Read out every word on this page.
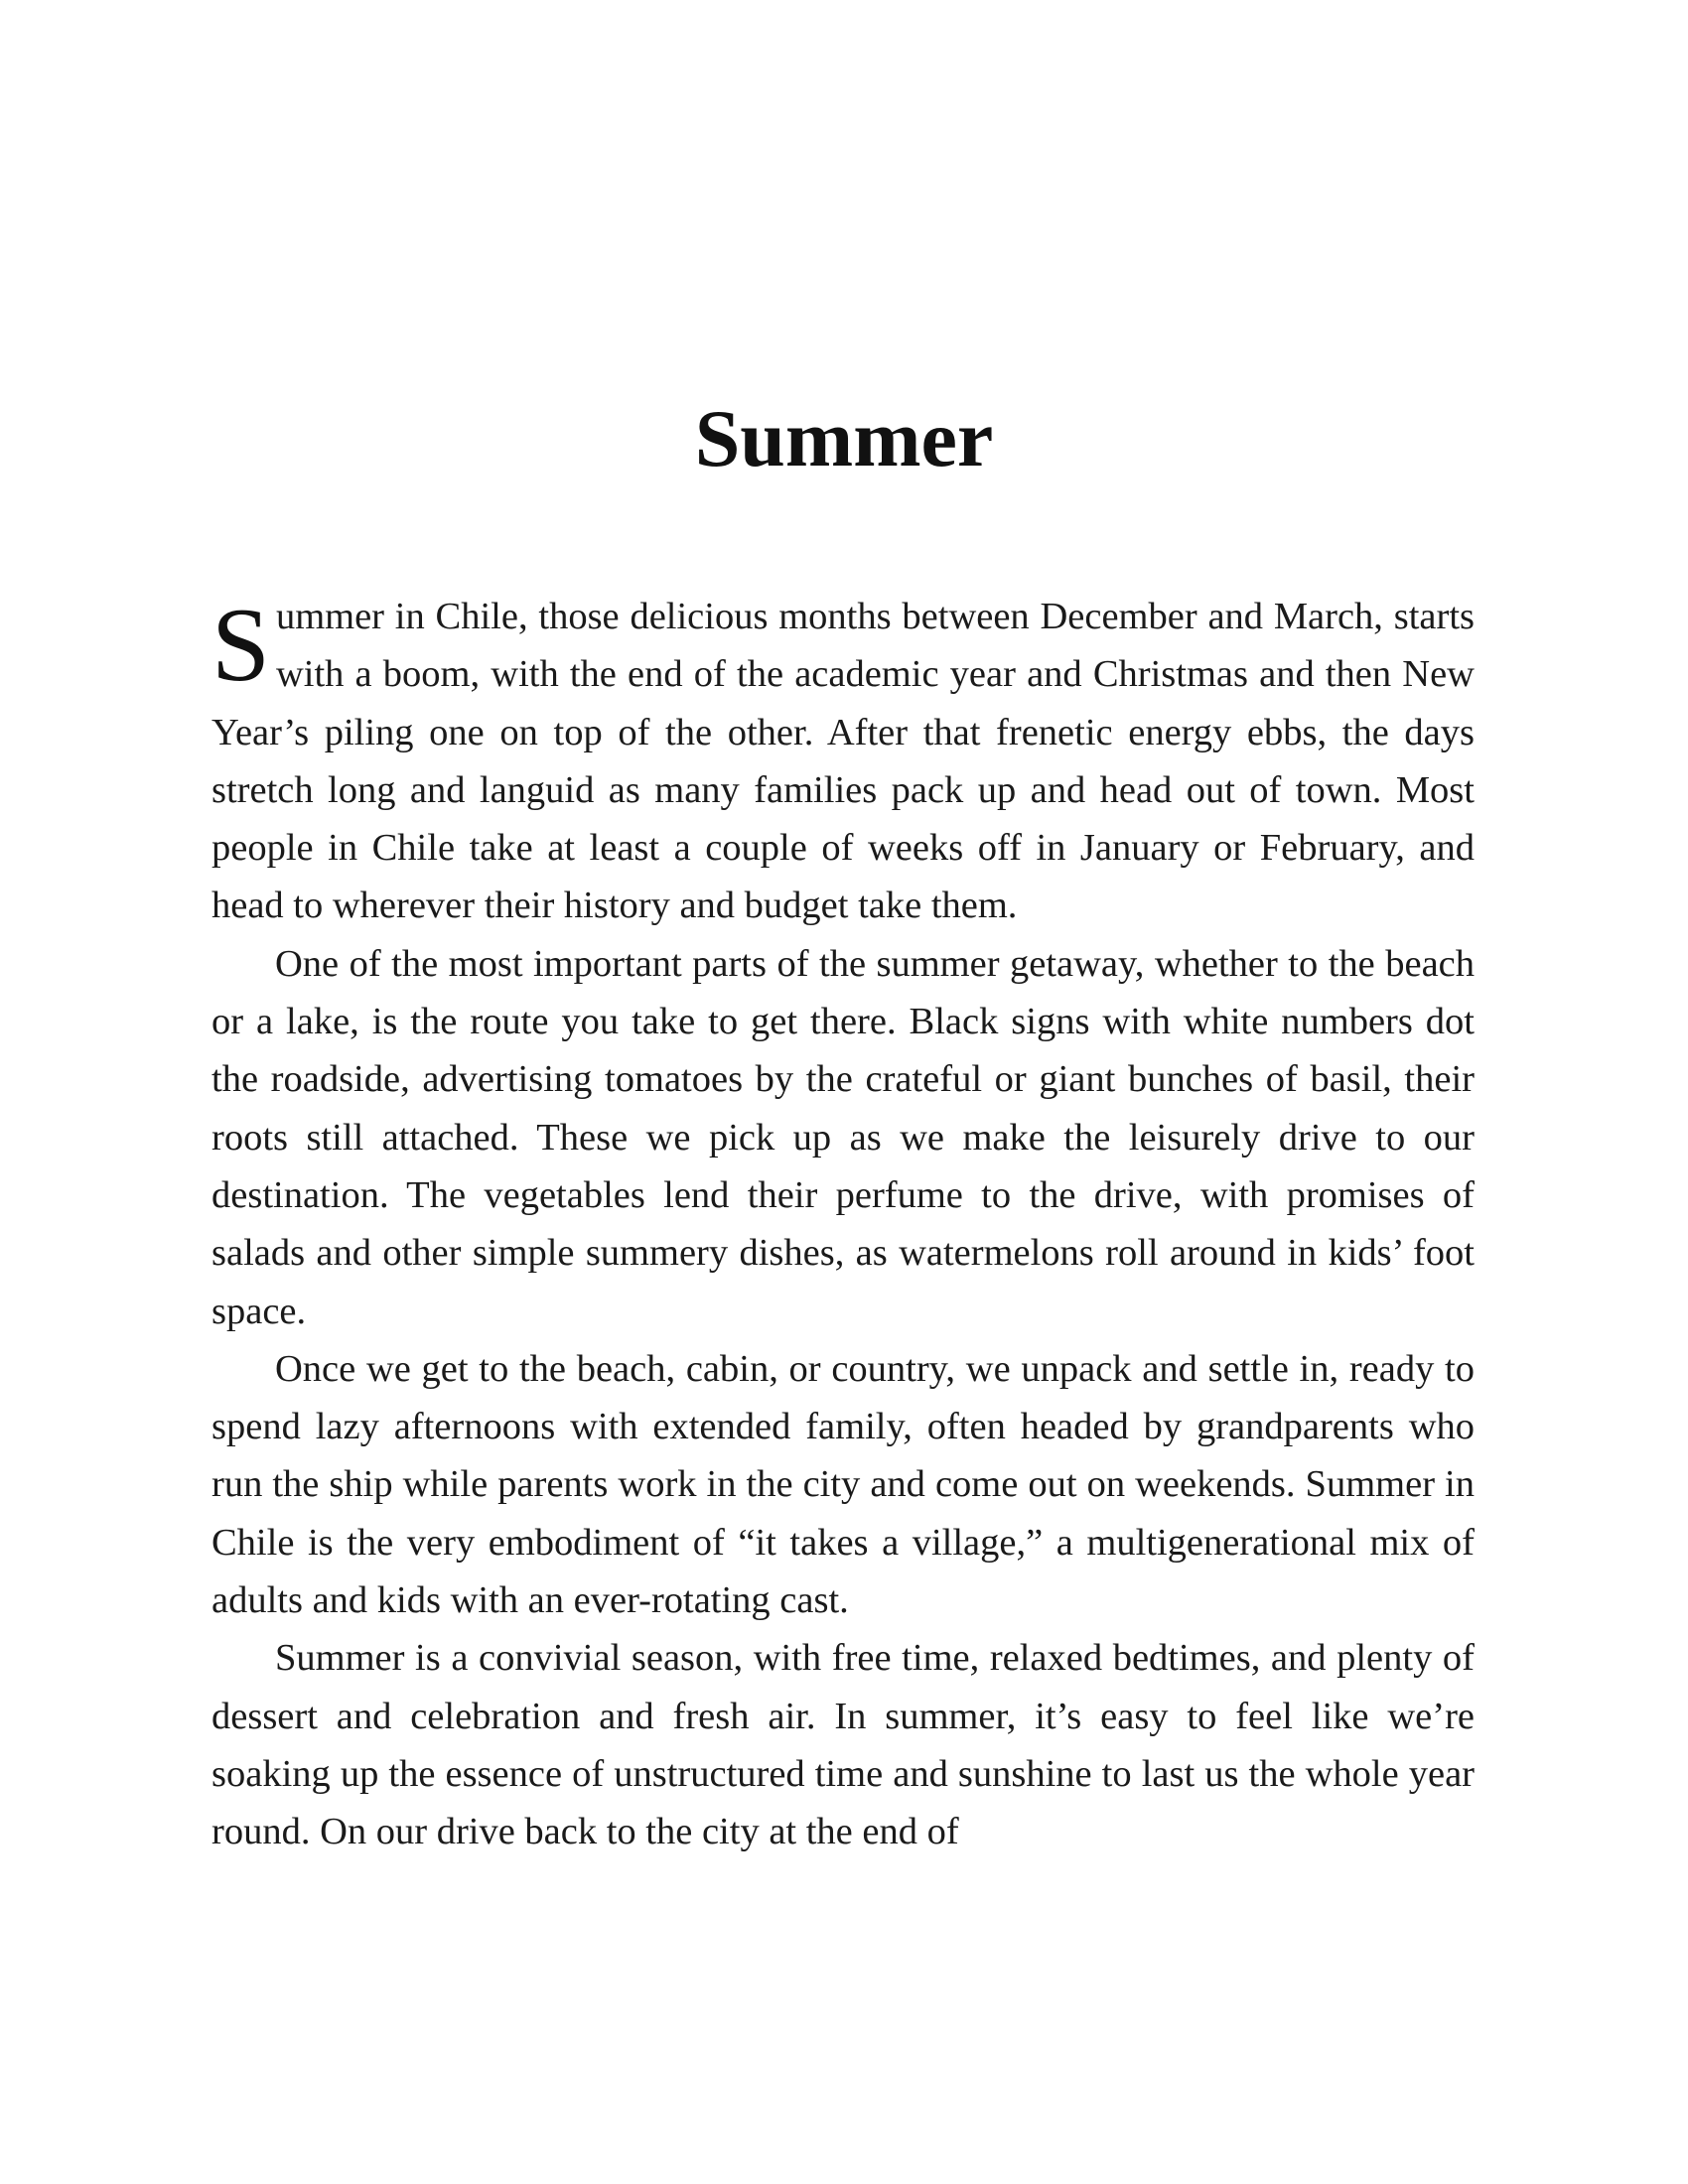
Summer

Summer in Chile, those delicious months between December and March, starts with a boom, with the end of the academic year and Christmas and then New Year’s piling one on top of the other. After that frenetic energy ebbs, the days stretch long and languid as many families pack up and head out of town. Most people in Chile take at least a couple of weeks off in January or February, and head to wherever their history and budget take them.

One of the most important parts of the summer getaway, whether to the beach or a lake, is the route you take to get there. Black signs with white numbers dot the roadside, advertising tomatoes by the crateful or giant bunches of basil, their roots still attached. These we pick up as we make the leisurely drive to our destination. The vegetables lend their perfume to the drive, with promises of salads and other simple summery dishes, as watermelons roll around in kids’ foot space.

Once we get to the beach, cabin, or country, we unpack and settle in, ready to spend lazy afternoons with extended family, often headed by grandparents who run the ship while parents work in the city and come out on weekends. Summer in Chile is the very embodiment of “it takes a village,” a multigenerational mix of adults and kids with an ever-rotating cast.

Summer is a convivial season, with free time, relaxed bedtimes, and plenty of dessert and celebration and fresh air. In summer, it’s easy to feel like we’re soaking up the essence of unstructured time and sunshine to last us the whole year round. On our drive back to the city at the end of
